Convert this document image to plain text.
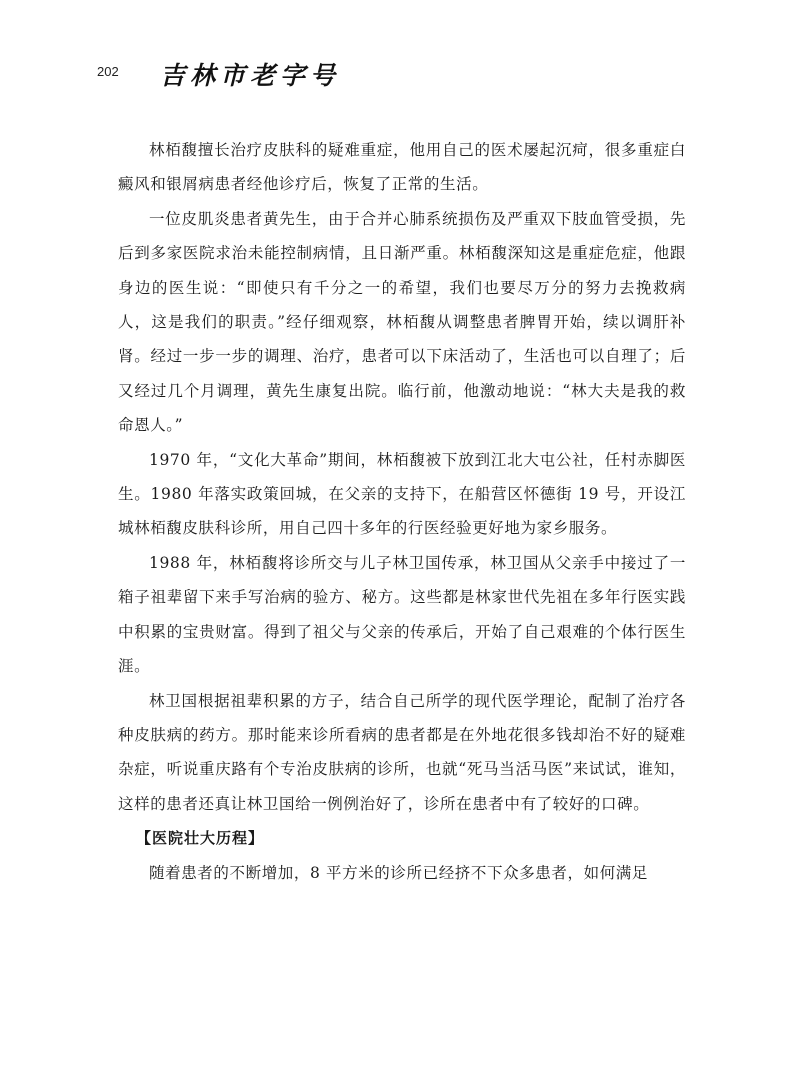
202 吉林市老字号

林栢馥擅长治疗皮肤科的疑难重症，他用自己的医术屡起沉疴，很多重症白癜风和银屑病患者经他诊疗后，恢复了正常的生活。

一位皮肌炎患者黄先生，由于合并心肺系统损伤及严重双下肢血管受损，先后到多家医院求治未能控制病情，且日渐严重。林栢馥深知这是重症危症，他跟身边的医生说：“即使只有千分之一的希望，我们也要尽万分的努力去挽救病人，这是我们的职责。”经仔细观察，林栢馥从调整患者脾胃开始，续以调肝补肾。经过一步一步的调理、治疗，患者可以下床活动了，生活也可以自理了；后又经过几个月调理，黄先生康复出院。临行前，他激动地说：“林大夫是我的救命恩人。”

1970 年，“文化大革命”期间，林栢馥被下放到江北大屯公社，任村赤脚医生。1980 年落实政策回城，在父亲的支持下，在船营区怀德街 19 号，开设江城林栢馥皮肤科诊所，用自己四十多年的行医经验更好地为家乡服务。

1988 年，林栢馥将诊所交与儿子林卫国传承，林卫国从父亲手中接过了一箱子祖辈留下来手写治病的验方、秘方。这些都是林家世代先祖在多年行医实践中积累的宝贵财富。得到了祖父与父亲的传承后，开始了自己艰难的个体行医生涯。

林卫国根据祖辈积累的方子，结合自己所学的现代医学理论，配制了治疗各种皮肤病的药方。那时能来诊所看病的患者都是在外地花很多钱却治不好的疑难杂症，听说重庆路有个专治皮肤病的诊所，也就“死马当活马医”来试试，谁知，这样的患者还真让林卫国给一例例治好了，诊所在患者中有了较好的口碑。

【医院壮大历程】

随着患者的不断增加，8 平方米的诊所已经挤不下众多患者，如何满足
